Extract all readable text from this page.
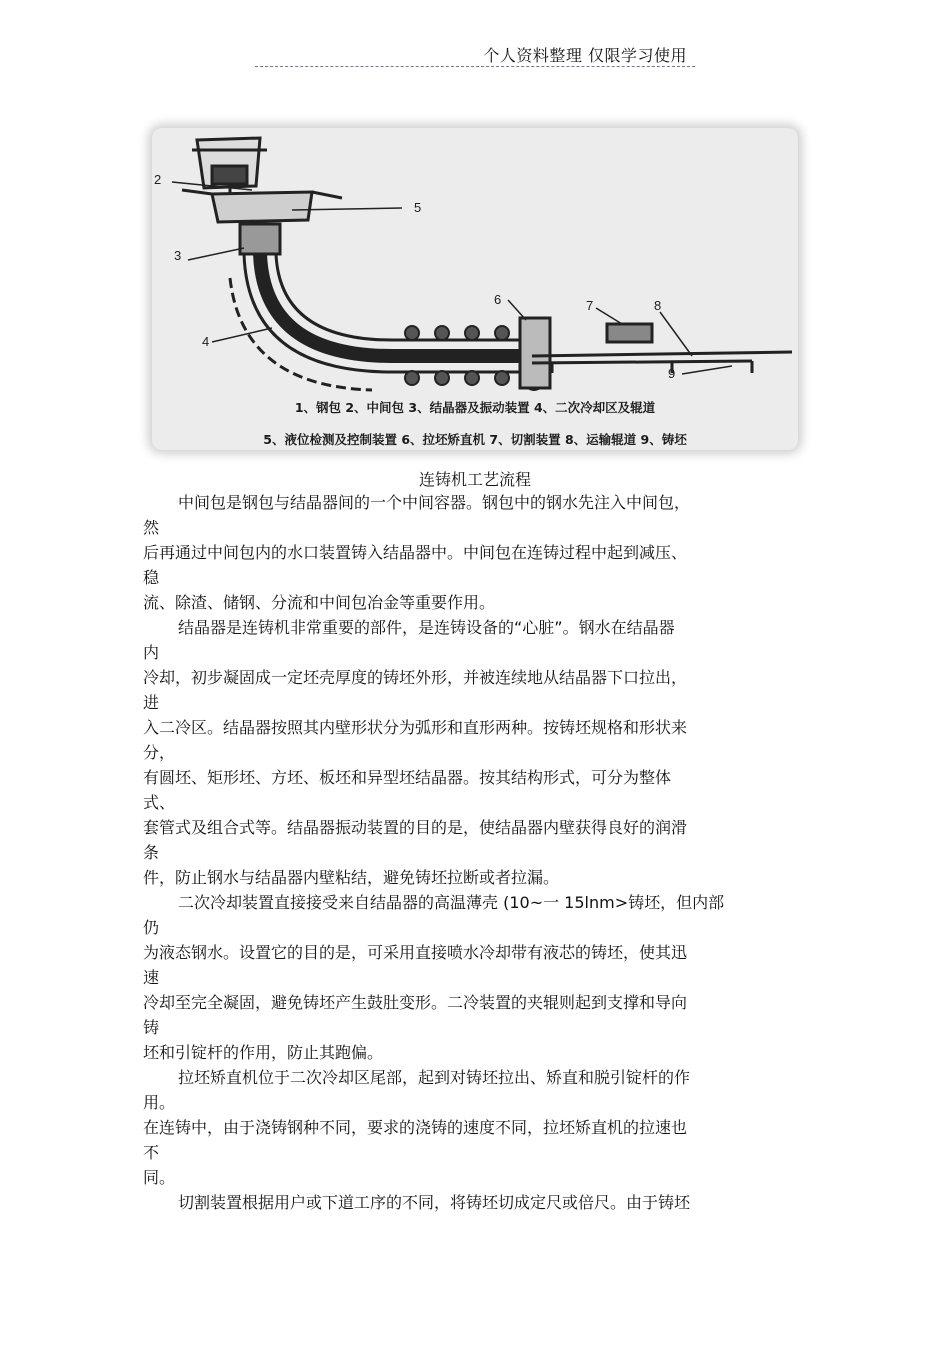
个人资料整理 仅限学习使用
2
5
3
4
6	7	8
9
1、钢包 2、中间包 3、结晶器及振动装置 4、二次冷却区及辊道
5、液位检测及控制装置 6、拉坯矫直机 7、切割装置 8、运输辊道 9、铸坯
连铸机工艺流程
中间包是钢包与结晶器间的一个中间容器。钢包中的钢水先注入中间包，
然
后再通过中间包内的水口装置铸入结晶器中。中间包在连铸过程中起到减压、
稳
流、除渣、储钢、分流和中间包冶金等重要作用。
结晶器是连铸机非常重要的部件，是连铸设备的“心脏”。钢水在结晶器
内
冷却，初步凝固成一定坯壳厚度的铸坯外形，并被连续地从结晶器下口拉出，
进
入二冷区。结晶器按照其内壁形状分为弧形和直形两种。按铸坯规格和形状来
分，
有圆坯、矩形坯、方坯、板坯和异型坯结晶器。按其结构形式，可分为整体
式、
套管式及组合式等。结晶器振动装置的目的是，使结晶器内壁获得良好的润滑
条
件，防止钢水与结晶器内壁粘结，避免铸坯拉断或者拉漏。
二次冷却装置直接接受来自结晶器的高温薄壳 (10~一 15lnm>铸坯，但内部
仍
为液态钢水。设置它的目的是，可采用直接喷水冷却带有液芯的铸坯，使其迅
速
冷却至完全凝固，避免铸坯产生鼓肚变形。二冷装置的夹辊则起到支撑和导向
铸
坯和引锭杆的作用，防止其跑偏。
拉坯矫直机位于二次冷却区尾部，起到对铸坯拉出、矫直和脱引锭杆的作
用。
在连铸中，由于浇铸钢种不同，要求的浇铸的速度不同，拉坯矫直机的拉速也
不
同。
切割装置根据用户或下道工序的不同，将铸坯切成定尺或倍尺。由于铸坯
